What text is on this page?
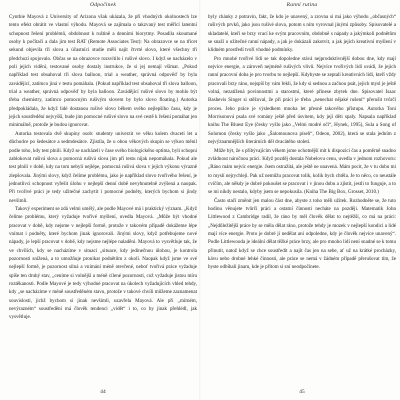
Odpočinek

Cynthie Mayová z University of Arizona však ukázala, že při vhodných okolnostech lze tento efekt obrátit ve vlastní výhodu. Mayová se zajímala o takzvaný test měřící latentní schopnost řešení problémů, obdobnost k ruštině a denními biorytmy. Posadila skoumané osoby k počítači a dala jim test RAT (Remote Associates Test): Na obrazovce se na třicet sekund objevila tři slova a účastníci studie měli najít čtvrté slovo, které všechny tři předchozí spojovalo. Občas se na obrazovce rozsvítilo i rušivé slovo. I když se nacházelo v poli jejich vidění, testované osoby dostaly instrukce, že si jej nemají všímat. „Pokud například test obsahoval tři slova balloon, trial a weather, správná odpověď by byla zavádějící, zatímco jiná v testu pomáhala. (Pokud například test obsahoval tři slova balloon, trial a weather, správná odpověď by byla balloon. Zavádějící rušivé slovo by mohlo být třeba chemistry, zatímco pomocným rušivým slovem by bylo slovo floating.) Autorka předpokládala, že když lidé dostanou rušivé slovo během svého nejlepšího času, kdy je jejich soustředění nejvyšší, bude jim pomocné rušivé slovo na své cestě k řešení pomáhat jen minimálně, protože je budou ignorovat.

Autorka testovala dvě skupiny osob: studenty univerzit ve věku kolem dvaceti let a důchodce po šedesátce a sedmdesátce. Zjistila, že u obou věkových skupin se výkon měnil podle toho, kdy test plnili. Když se nacházeli v čase svého biologického optima, byli schopni zablokovat rušivá slova a pomocná rušivá slova jim při testu nijak nepomáhala. Pokud ale test plnili v době, kdy na tom nebyli nejlépe, pomocná rušivá slova v jejich výkonu výrazně zlepšovala. Jinými slovy, když čelíme problému, jako je například slovo tvořivého řešení, je jednotlivci schopnost vyřešit úlohu v nejlepší denní době nevyhnutelně zvýšená a naopak. Při tvořivé práci je tedy užitečné zachytit i pomocné podněty, kterých bychom si jindy nevšimli.

Takový experiment se zdá velmi umělý, ale podle Mayové má i praktický význam. „Když čelíme problému, který vyžaduje tvořivé myšlení, uvedla Mayová. „Může být vhodné pracovat v době, kdy nejsme v nejlepší formě, protože v takovém případě dokážeme lépe vnímat i podněty, které bychom jinak ignorovali. Jinými slovy, když potřebujeme nové nápady, je lepší pracovat v době, kdy nejsme nejlépe naladěni. Mayová to vysvětluje tak, že ve chvílích, kdy se nacházíme v situaci „situace, kdy jedinečnou úlohou, je kontrola pozornosti snížená, a to umožňuje pronikat podnětům z okolí. Naopak když jsme ve své nejlepší formě, je pozornost silná a vnímání méně otevřené, neboť tvořivá práce vyžaduje spíše ten druhý stav, „ceníme si volnější a méně cílené pozornosti, což vyžaduje jistou míru roztěkanosti. Podle Mayové je tedy výhodné pracovat na úkolech vyžadujících vhled tehdy, kdy „se nacházíme v méně soustředěném stavu, protože v takové chvíli můžeme zaznamenat souvislosti, jichž bychom si jinak nevšimli, uzavřela Mayová. Ale při ,,mírném, nevýrazném“ soustředění má člověk tendenci ,,vidět“ i to, co by jinak přehlédl, jak vysvětluje.

44
Ranní rutina

byly chánky z potravin, fakt, že kdo je unavený, a zrovna si má jako výhodu „občasných“ rušivých prvků, jako jsou rušivé slova, potom s ním vyrovnal jinými způsoby. Spisovatelé a skladatelé, kteří se brzy vrací ke svým pracovním, obdobně s nápady a jakýmkoli podnětům se snaží o užitečné ranní nápady, a jak je dokázali zakotvit, a jak jejich kreativní myšlení v klidném prostředí tvoří vhodné podmínky.

Pro mnohé tvořivé lidi se tak dopoledne stává nejproduktivnější dobou dne, kdy mají nejvíce energie, a zároveň nejméně rušivých vlivů. Nejvíce tvořivých lidí uvádí, že jejich ranní pracovní doba je pro tvorbu to nejlepší. Kdybyste se zeptali kreativních lidí, kteří vždy pracovali brzy ráno, nejspíš by vám řekli, že kdy si sednou a začnou psát, jejich mysl je ještě volná, nezatížená povinnostmi a starostmi, které přinese zbytek dne. Spisovatel Isaac Bashevis Singer si stěžoval, že při práci je třeba „nenechat nějaké rušení“ přerušit tvůrčí proces. Jeho práce je výsledkem mnoha let přesně takového přístupu. Autorka Toni Morrisonová psala své romány ještě před úsvitem, kdy její děti spaly. Napsala například knihu The Bluest Eye (česky vyšlo jako „Velmi modré oči“, Hynek, 1995), Sula a Song of Solomon (česky vyšlo jako „Šalomounova píseň“, Odeon, 2002), která se stala jedním z nejvýznamnějších literárních děl dvacátého století.

Může být, že s přibývajícím věkem jsme ochotnější mít k dispozici čas a poměrně snadno zvládnout náročnou práci. Když pozděj dostala Nobelovu cenu, uvedla v jednom rozhovoru: „Ráno mám nejvíc energie. Jsem ostražitá, ale ještě ne unavená. Mám pocit, že v tu dobu mi to myslí nejrychleji. Pak už nemůžu pracovat tolik, kolik bych chtěla. Je to něco, co neustále cvičím, ale někdy je dobré pokoušet se pracovat i v jinou dobu a zjistit, jestli to funguje, a to se mi nikdy nestalo, kdyby jsem se nepokusila. (Kniha The Big Box, Grosset, 2010.)

Často stačí změnit jen malou část dne, abyste z toho měli užitek. Rozhodněte se, že tuto hodinu věnujete tvůrčí práci a ostatní činnosti necháte na později. Matematik John Littlewood z Cambridge radil, že ráno by měl člověk dělat to nejtěžší, co má na práci: „Nejdůležitější práce by se měla dělat ráno, protože tehdy je mozek v nejlepší kondici a lidé mají více energie. Proto je dobré ji nedělat ani odpoledne, kdy je člověk nejvíce unavený“. Podle Littlewooda je ideální dělat těžké práce brzy, ale pro mnoho lidí není snadné se k tomu přinutit, natož když se chce soustředit a najít čas jen na sebe, ať už na krátké procházky, kávu nebo drobné lehké činnosti, ale práce se nemá v žádném případě přerušovat tím, že byste odbíhali jinam, kde je přítom si sní neodpočinete.

45
